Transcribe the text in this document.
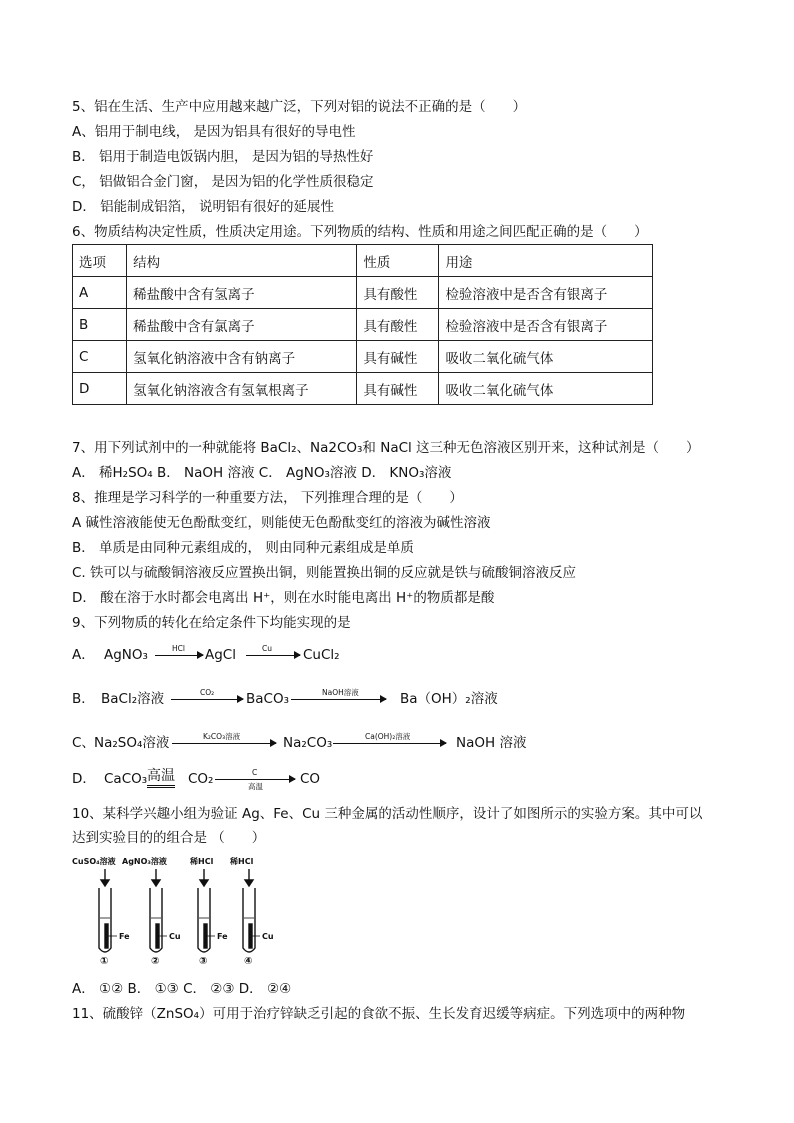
5、铝在生活、生产中应用越来越广泛，下列对铝的说法不正确的是（　　）
A、铝用于制电线， 是因为铝具有很好的导电性
B． 铝用于制造电饭锅内胆， 是因为铝的导热性好
C， 铝做铝合金门窗， 是因为铝的化学性质很稳定
D． 铝能制成铝箔， 说明铝有很好的延展性
6、物质结构决定性质，性质决定用途。下列物质的结构、性质和用途之间匹配正确的是（　　）
选项	结构	性质	用途
A	稀盐酸中含有氢离子	具有酸性	检验溶液中是否含有银离子
B	稀盐酸中含有氯离子	具有酸性	检验溶液中是否含有银离子
C	氢氧化钠溶液中含有钠离子	具有碱性	吸收二氧化硫气体
D	氢氧化钠溶液含有氢氧根离子	具有碱性	吸收二氧化硫气体
7、用下列试剂中的一种就能将 BaCl₂、Na2CO₃和 NaCl 这三种无色溶液区别开来，这种试剂是（　　）
A． 稀H₂SO₄ B． NaOH 溶液 C． AgNO₃溶液 D． KNO₃溶液
8、推理是学习科学的一种重要方法， 下列推理合理的是（　　）
A 碱性溶液能使无色酚酞变红，则能使无色酚酞变红的溶液为碱性溶液
B． 单质是由同种元素组成的， 则由同种元素组成是单质
C. 铁可以与硫酸铜溶液反应置换出铜，则能置换出铜的反应就是铁与硫酸铜溶液反应
D． 酸在溶于水时都会电离出 H⁺，则在水时能电离出 H⁺的物质都是酸
9、下列物质的转化在给定条件下均能实现的是
A． AgNO₃	HCl AgCl	Cu CuCl₂
B． BaCl₂溶液	CO₂ BaCO₃	NaOH溶液	Ba（OH）₂溶液
C、 Na₂SO₄溶液	K₂CO₃溶液	Na₂CO₃	Ca(OH)₂溶液	NaOH 溶液
D． CaCO₃ 高温 CO₂	C
高温	CO
10、某科学兴趣小组为验证 Ag、Fe、Cu 三种金属的活动性顺序，设计了如图所示的实验方案。其中可以
达到实验目的的组合是 （　　）
CuSO₄溶液 AgNO₃溶液	稀HCl 稀HCl
Fe	Cu	Fe	Cu
①	②	③	④
A． ①② B． ①③ C． ②③ D． ②④
11、硫酸锌（ZnSO₄）可用于治疗锌缺乏引起的食欲不振、生长发育迟缓等病症。下列选项中的两种物
